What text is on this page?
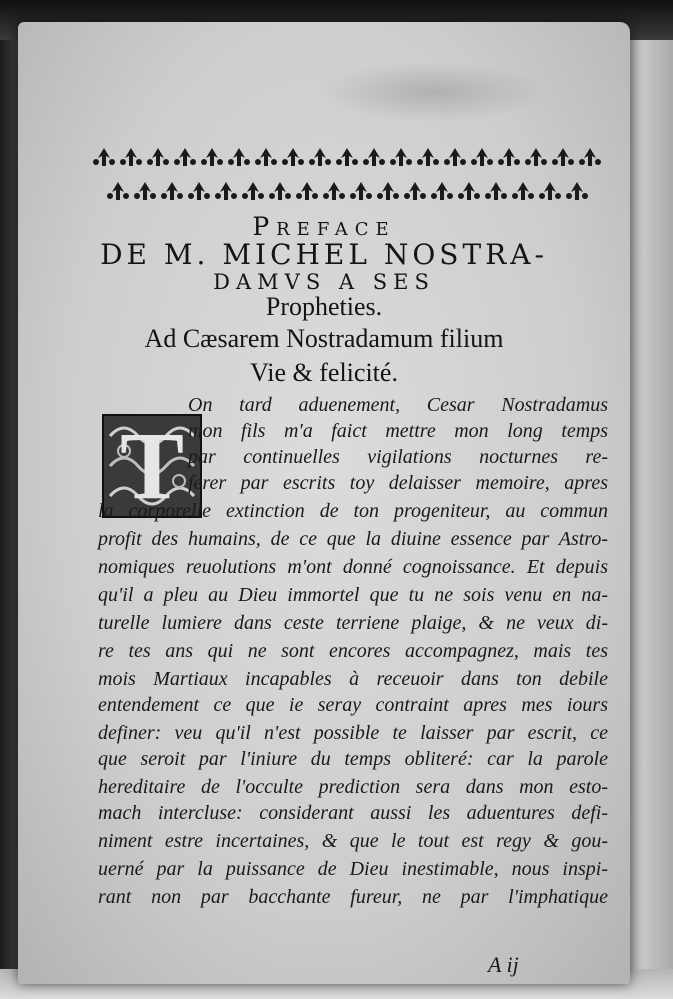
Preface
DE M. MICHEL NOSTRA-
DAMVS A SES
Propheties.
Ad Cæsarem Nostradamum filium
Vie & felicité.
T
On tard aduenement, Cesar Nostradamus
mon fils m'a faict mettre mon long temps
par continuelles vigilations nocturnes re-
ferer par escrits toy delaisser memoire, apres
la corporelle extinction de ton progeniteur, au commun
profit des humains, de ce que la diuine essence par Astro-
nomiques reuolutions m'ont donné cognoissance. Et depuis
qu'il a pleu au Dieu immortel que tu ne sois venu en na-
turelle lumiere dans ceste terriene plaige, & ne veux di-
re tes ans qui ne sont encores accompagnez, mais tes
mois Martiaux incapables à receuoir dans ton debile
entendement ce que ie seray contraint apres mes iours
definer: veu qu'il n'est possible te laisser par escrit, ce
que seroit par l'iniure du temps obliteré: car la parole
hereditaire de l'occulte prediction sera dans mon esto-
mach intercluse: considerant aussi les aduentures defi-
niment estre incertaines, & que le tout est regy & gou-
uerné par la puissance de Dieu inestimable, nous inspi-
rant non par bacchante fureur, ne par l'imphatique
A ij
